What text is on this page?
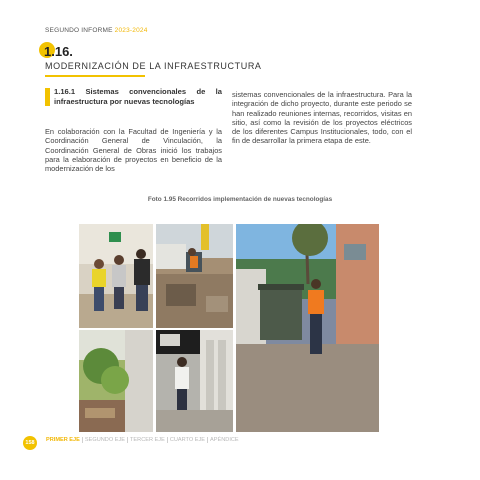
SEGUNDO INFORME 2023-2024
1.16.
MODERNIZACIÓN DE LA INFRAESTRUCTURA
1.16.1 Sistemas convencionales de la infraestructura por nuevas tecnologías

En colaboración con la Facultad de Ingeniería y la Coordinación General de Vinculación, la Coordinación General de Obras inició los trabajos para la elaboración de proyectos en beneficio de la modernización de los

sistemas convencionales de la infraestructura. Para la integración de dicho proyecto, durante este periodo se han realizado reuniones internas, recorridos, visitas en sitio, así como la revisión de los proyectos eléctricos de los diferentes Campus Institucionales, todo, con el fin de desarrollar la primera etapa de este.

Foto 1.95 Recorridos implementación de nuevas tecnologías
158	PRIMER EJE SEGUNDO EJE TERCER EJE CUARTO EJE APÉNDICE
